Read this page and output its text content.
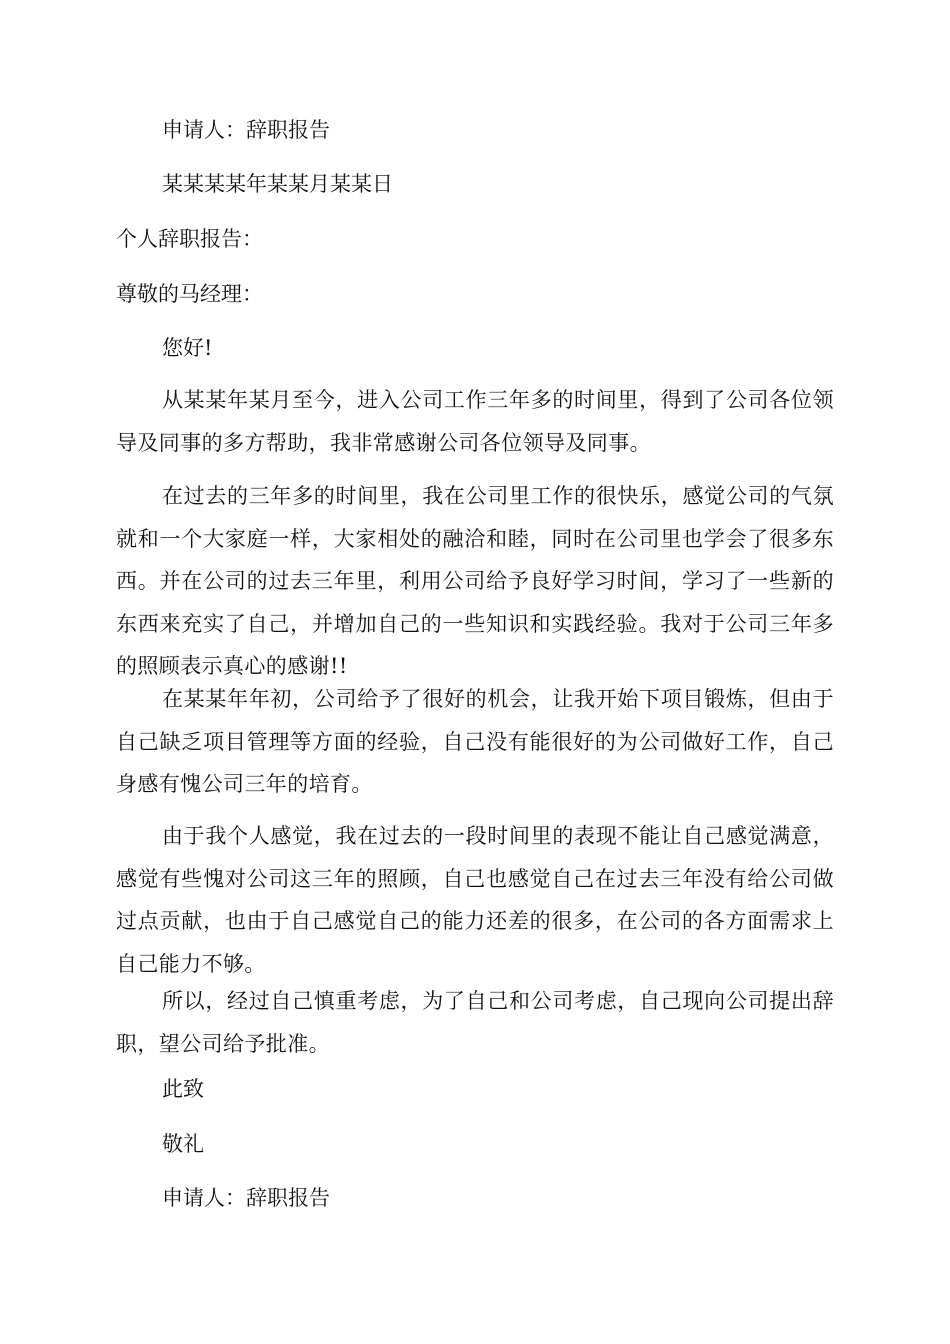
申请人：辞职报告
某某某某年某某月某某日
个人辞职报告：
尊敬的马经理：
您好!
从某某年某月至今，进入公司工作三年多的时间里，得到了公司各位领导及同事的多方帮助，我非常感谢公司各位领导及同事。
在过去的三年多的时间里，我在公司里工作的很快乐，感觉公司的气氛就和一个大家庭一样，大家相处的融洽和睦，同时在公司里也学会了很多东西。并在公司的过去三年里，利用公司给予良好学习时间，学习了一些新的东西来充实了自己，并增加自己的一些知识和实践经验。我对于公司三年多的照顾表示真心的感谢!!
在某某年年初，公司给予了很好的机会，让我开始下项目锻炼，但由于自己缺乏项目管理等方面的经验，自己没有能很好的为公司做好工作，自己身感有愧公司三年的培育。
由于我个人感觉，我在过去的一段时间里的表现不能让自己感觉满意，感觉有些愧对公司这三年的照顾，自己也感觉自己在过去三年没有给公司做过点贡献，也由于自己感觉自己的能力还差的很多，在公司的各方面需求上自己能力不够。
所以，经过自己慎重考虑，为了自己和公司考虑，自己现向公司提出辞职，望公司给予批准。
此致
敬礼
申请人：辞职报告
